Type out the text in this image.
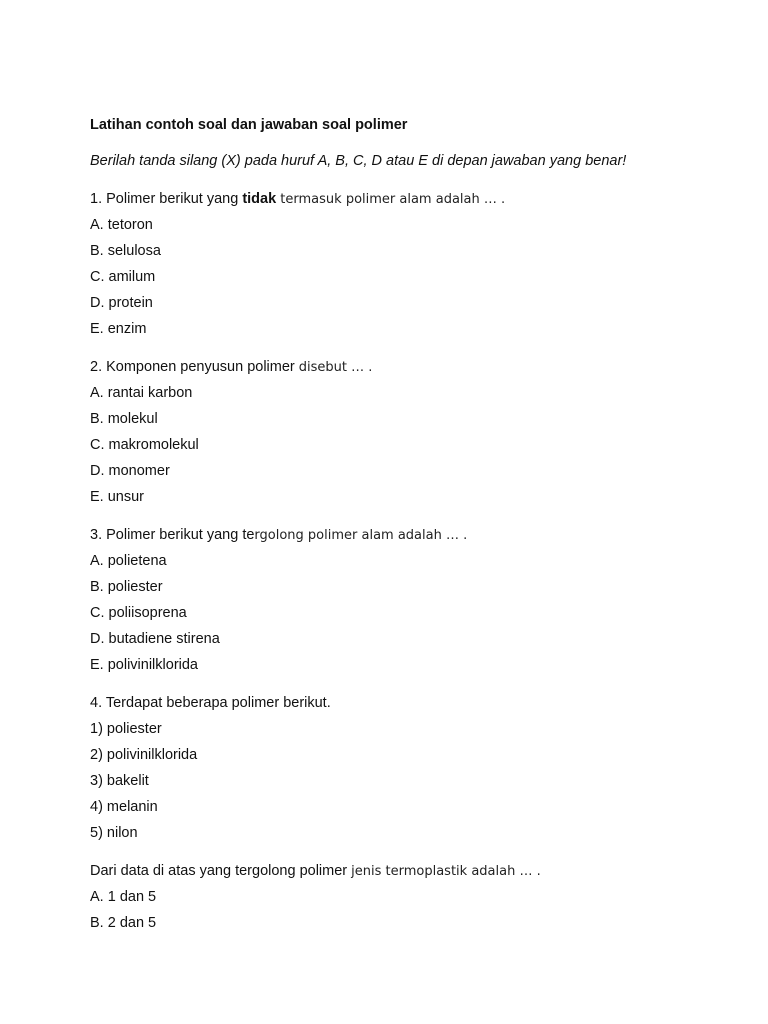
Latihan contoh soal dan jawaban soal polimer
Berilah tanda silang (X) pada huruf A, B, C, D atau E di depan jawaban yang benar!
1. Polimer berikut yang tidak termasuk polimer alam adalah … .
A. tetoron
B. selulosa
C. amilum
D. protein
E. enzim
2. Komponen penyusun polimer disebut … .
A. rantai karbon
B. molekul
C. makromolekul
D. monomer
E. unsur
3. Polimer berikut yang tergolong polimer alam adalah … .
A. polietena
B. poliester
C. poliisoprena
D. butadiene stirena
E. polivinilklorida
4. Terdapat beberapa polimer berikut.
1) poliester
2) polivinilklorida
3) bakelit
4) melanin
5) nilon
Dari data di atas yang tergolong polimer jenis termoplastik adalah … .
A. 1 dan 5
B. 2 dan 5
